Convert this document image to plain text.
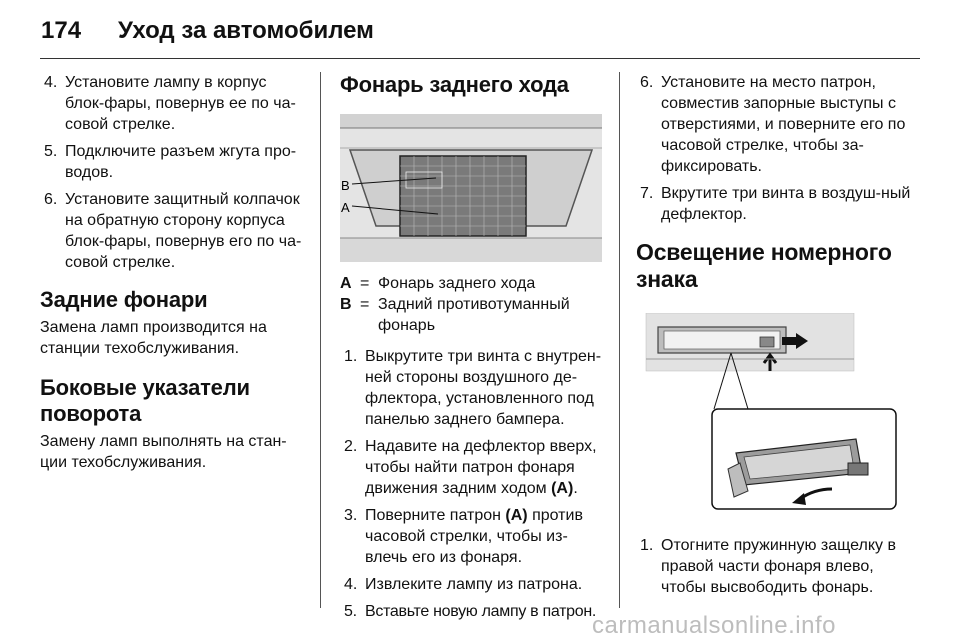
174 Уход за автомобилем
4. Установите лампу в корпус блок-фары, повернув ее по ча-совой стрелке.
5. Подключите разъем жгута про-водов.
6. Установите защитный колпачок на обратную сторону корпуса блок-фары, повернув его по ча-совой стрелке.
Задние фонари

Замена ламп производится на станции техобслуживания.

Боковые указатели поворота

Замену ламп выполнять на стан-ции техобслуживания.

Фонарь заднего хода
B
A
A = Фонарь заднего хода
B = Задний противотуманный фонарь
1. Выкрутите три винта с внутрен-ней стороны воздушного де-флектора, установленного под панелью заднего бампера.
2. Надавите на дефлектор вверх, чтобы найти патрон фонаря движения задним ходом (A).
3. Поверните патрон (A) против часовой стрелки, чтобы из-влечь его из фонаря.
4. Извлеките лампу из патрона.
5. Вставьте новую лампу в патрон.
6. Установите на место патрон, совместив запорные выступы с отверстиями, и поверните его по часовой стрелке, чтобы за-фиксировать.
7. Вкрутите три винта в воздуш-ный дефлектор.
Освещение номерного знака
1. Отогните пружинную защелку в правой части фонаря влево, чтобы высвободить фонарь.
carmanualsonline.info
